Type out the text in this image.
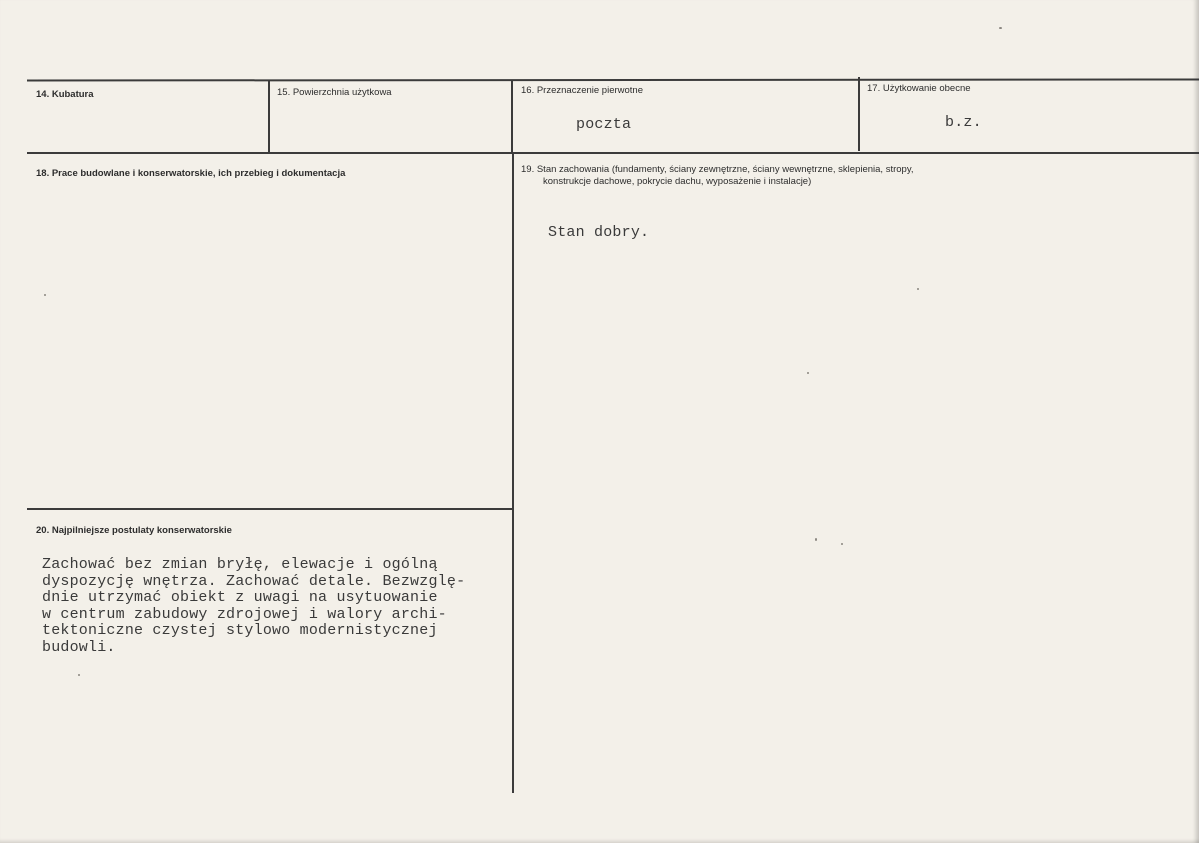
14. Kubatura	15. Powierzchnia użytkowa	16. Przeznaczenie pierwotne
poczta
17. Użytkowanie obecne
b.z.
18. Prace budowlane i konserwatorskie, ich przebieg i dokumentacja	19. Stan zachowania (fundamenty, ściany zewnętrzne, ściany wewnętrzne, sklepienia, stropy,
konstrukcje dachowe, pokrycie dachu, wyposażenie i instalacje)
Stan dobry.
20. Najpilniejsze postulaty konserwatorskie
Zachować bez zmian bryłę, elewacje i ogólną
dyspozycję wnętrza. Zachować detale. Bezwzglę-
dnie utrzymać obiekt z uwagi na usytuowanie
w centrum zabudowy zdrojowej i walory archi-
tektoniczne czystej stylowo modernistycznej
budowli.
